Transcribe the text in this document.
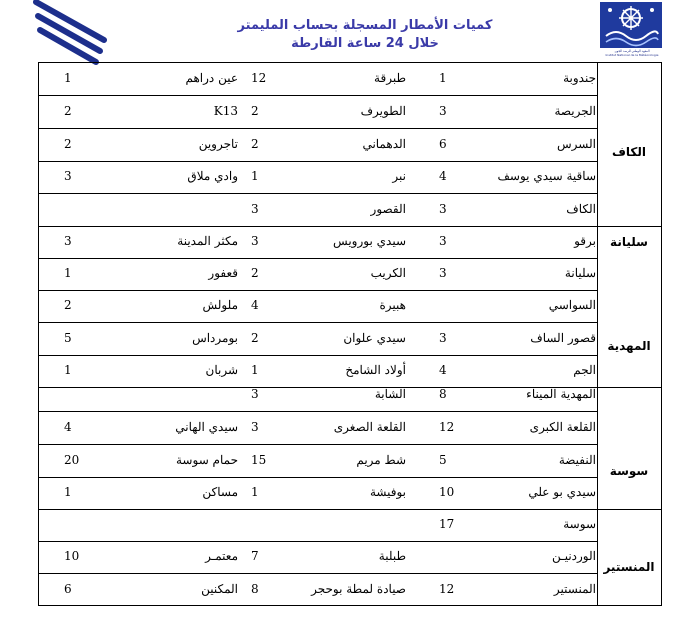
المعهد الوطني للرصد الجوي
Institut National de la Météorologie
كميات الأمطار المسجلة بحساب المليمتر
خلال 24 ساعة القارطة
جندوبة
1
طبرقة
12
عين دراهم
1
الجريصة
3
الطويرف
2
K13
2
السرس
6
الدهماني
2
تاجروين
2
ساقية سيدي يوسف
4
نبر
1
وادي ملاق
3
الكاف
3
القصور
3
برقو
3
سيدي بورويس
3
مكثر المدينة
3
سليانة
3
الكريب
2
قعفور
1
السواسي
هبيرة
4
ملولش
2
قصور الساف
3
سيدي علوان
2
بومرداس
5
الجم
4
أولاد الشامخ
1
شربان
1
المهدية الميناء
8
الشابة
3
القلعة الكبرى
12
القلعة الصغرى
3
سيدي الهاني
4
النفيضة
5
شط مريم
15
حمام سوسة
20
سيدي بو علي
10
بوفيشة
1
مساكن
1
سوسة
17
الوردنيـن
طبلبة
7
معتمـر
10
المنستير
12
صيادة لمطة بوحجر
8
المكنين
6
الكاف
سليانة
المهدية
سوسة
المنستير
